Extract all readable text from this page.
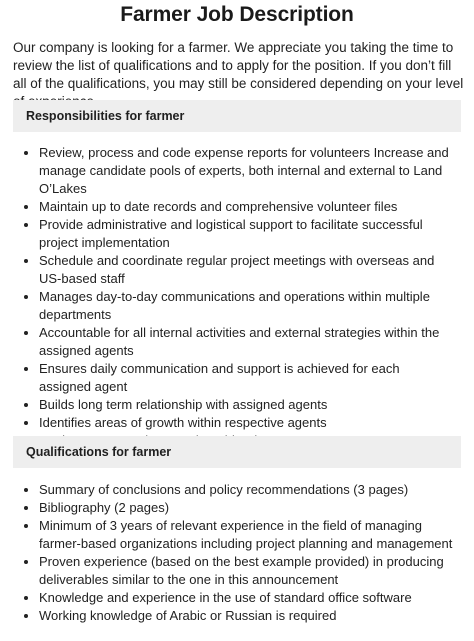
Farmer Job Description
Our company is looking for a farmer. We appreciate you taking the time to review the list of qualifications and to apply for the position. If you don’t fill all of the qualifications, you may still be considered depending on your level
Responsibilities for farmer
Review, process and code expense reports for volunteers Increase and manage candidate pools of experts, both internal and external to Land O’Lakes
Maintain up to date records and comprehensive volunteer files
Provide administrative and logistical support to facilitate successful project implementation
Schedule and coordinate regular project meetings with overseas and US-based staff
Manages day-to-day communications and operations within multiple departments
Accountable for all internal activities and external strategies within the assigned agents
Ensures daily communication and support is achieved for each assigned agent
Builds long term relationship with assigned agents
Identifies areas of growth within respective agents
Qualifications for farmer
Summary of conclusions and policy recommendations (3 pages)
Bibliography (2 pages)
Minimum of 3 years of relevant experience in the field of managing farmer-based organizations including project planning and management
Proven experience (based on the best example provided) in producing deliverables similar to the one in this announcement
Knowledge and experience in the use of standard office software
Working knowledge of Arabic or Russian is required
